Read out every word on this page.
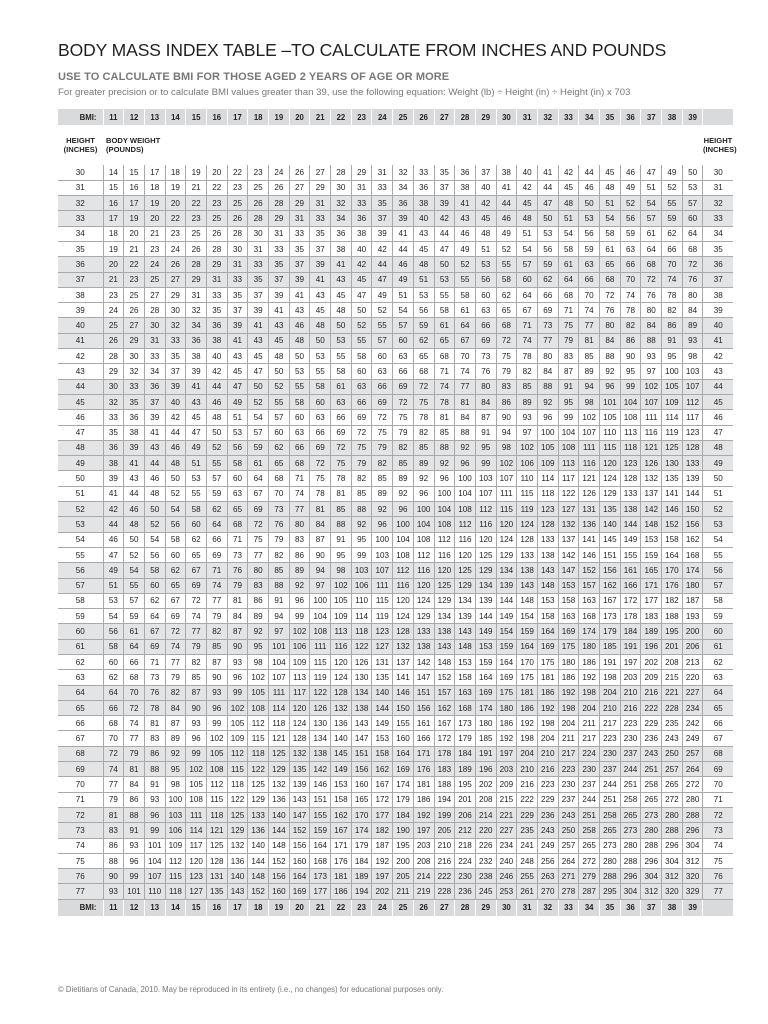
BODY MASS INDEX TABLE –TO CALCULATE FROM INCHES AND POUNDS
USE TO CALCULATE BMI FOR THOSE AGED 2 YEARS OF AGE OR MORE

For greater precision or to calculate BMI values greater than 39, use the following equation: Weight (lb) ÷ Height (in) ÷ Height (in) x 703

BMI:	11	12	13	14	15	16	17	18	19	20	21	22	23	24	25	26	27	28	29	30	31	32	33	34	35	36	37	38	39	
HEIGHT
(INCHES)	BODY WEIGHT
(POUNDS)																													HEIGHT
(INCHES)
30	14	15	17	18	19	20	22	23	24	26	27	28	29	31	32	33	35	36	37	38	40	41	42	44	45	46	47	49	50	30
31	15	16	18	19	21	22	23	25	26	27	29	30	31	33	34	36	37	38	40	41	42	44	45	46	48	49	51	52	53	31
32	16	17	19	20	22	23	25	26	28	29	31	32	33	35	36	38	39	41	42	44	45	47	48	50	51	52	54	55	57	32
33	17	19	20	22	23	25	26	28	29	31	33	34	36	37	39	40	42	43	45	46	48	50	51	53	54	56	57	59	60	33
34	18	20	21	23	25	26	28	30	31	33	35	36	38	39	41	43	44	46	48	49	51	53	54	56	58	59	61	62	64	34
35	19	21	23	24	26	28	30	31	33	35	37	38	40	42	44	45	47	49	51	52	54	56	58	59	61	63	64	66	68	35
36	20	22	24	26	28	29	31	33	35	37	39	41	42	44	46	48	50	52	53	55	57	59	61	63	65	66	68	70	72	36
37	21	23	25	27	29	31	33	35	37	39	41	43	45	47	49	51	53	55	56	58	60	62	64	66	68	70	72	74	76	37
38	23	25	27	29	31	33	35	37	39	41	43	45	47	49	51	53	55	58	60	62	64	66	68	70	72	74	76	78	80	38
39	24	26	28	30	32	35	37	39	41	43	45	48	50	52	54	56	58	61	63	65	67	69	71	74	76	78	80	82	84	39
40	25	27	30	32	34	36	39	41	43	46	48	50	52	55	57	59	61	64	66	68	71	73	75	77	80	82	84	86	89	40
41	26	29	31	33	36	38	41	43	45	48	50	53	55	57	60	62	65	67	69	72	74	77	79	81	84	86	88	91	93	41
42	28	30	33	35	38	40	43	45	48	50	53	55	58	60	63	65	68	70	73	75	78	80	83	85	88	90	93	95	98	42
43	29	32	34	37	39	42	45	47	50	53	55	58	60	63	66	68	71	74	76	79	82	84	87	89	92	95	97	100	103	43
44	30	33	36	39	41	44	47	50	52	55	58	61	63	66	69	72	74	77	80	83	85	88	91	94	96	99	102	105	107	44
45	32	35	37	40	43	46	49	52	55	58	60	63	66	69	72	75	78	81	84	86	89	92	95	98	101	104	107	109	112	45
46	33	36	39	42	45	48	51	54	57	60	63	66	69	72	75	78	81	84	87	90	93	96	99	102	105	108	111	114	117	46
47	35	38	41	44	47	50	53	57	60	63	66	69	72	75	79	82	85	88	91	94	97	100	104	107	110	113	116	119	123	47
48	36	39	43	46	49	52	56	59	62	66	69	72	75	79	82	85	88	92	95	98	102	105	108	111	115	118	121	125	128	48
49	38	41	44	48	51	55	58	61	65	68	72	75	79	82	85	89	92	96	99	102	106	109	113	116	120	123	126	130	133	49
50	39	43	46	50	53	57	60	64	68	71	75	78	82	85	89	92	96	100	103	107	110	114	117	121	124	128	132	135	139	50
51	41	44	48	52	55	59	63	67	70	74	78	81	85	89	92	96	100	104	107	111	115	118	122	126	129	133	137	141	144	51
52	42	46	50	54	58	62	65	69	73	77	81	85	88	92	96	100	104	108	112	115	119	123	127	131	135	138	142	146	150	52
53	44	48	52	56	60	64	68	72	76	80	84	88	92	96	100	104	108	112	116	120	124	128	132	136	140	144	148	152	156	53
54	46	50	54	58	62	66	71	75	79	83	87	91	95	100	104	108	112	116	120	124	128	133	137	141	145	149	153	158	162	54
55	47	52	56	60	65	69	73	77	82	86	90	95	99	103	108	112	116	120	125	129	133	138	142	146	151	155	159	164	168	55
56	49	54	58	62	67	71	76	80	85	89	94	98	103	107	112	116	120	125	129	134	138	143	147	152	156	161	165	170	174	56
57	51	55	60	65	69	74	79	83	88	92	97	102	106	111	116	120	125	129	134	139	143	148	153	157	162	166	171	176	180	57
58	53	57	62	67	72	77	81	86	91	96	100	105	110	115	120	124	129	134	139	144	148	153	158	163	167	172	177	182	187	58
59	54	59	64	69	74	79	84	89	94	99	104	109	114	119	124	129	134	139	144	149	154	158	163	168	173	178	183	188	193	59
60	56	61	67	72	77	82	87	92	97	102	108	113	118	123	128	133	138	143	149	154	159	164	169	174	179	184	189	195	200	60
61	58	64	69	74	79	85	90	95	101	106	111	116	122	127	132	138	143	148	153	159	164	169	175	180	185	191	196	201	206	61
62	60	66	71	77	82	87	93	98	104	109	115	120	126	131	137	142	148	153	159	164	170	175	180	186	191	197	202	208	213	62
63	62	68	73	79	85	90	96	102	107	113	119	124	130	135	141	147	152	158	164	169	175	181	186	192	198	203	209	215	220	63
64	64	70	76	82	87	93	99	105	111	117	122	128	134	140	146	151	157	163	169	175	181	186	192	198	204	210	216	221	227	64
65	66	72	78	84	90	96	102	108	114	120	126	132	138	144	150	156	162	168	174	180	186	192	198	204	210	216	222	228	234	65
66	68	74	81	87	93	99	105	112	118	124	130	136	143	149	155	161	167	173	180	186	192	198	204	211	217	223	229	235	242	66
67	70	77	83	89	96	102	109	115	121	128	134	140	147	153	160	166	172	179	185	192	198	204	211	217	223	230	236	243	249	67
68	72	79	86	92	99	105	112	118	125	132	138	145	151	158	164	171	178	184	191	197	204	210	217	224	230	237	243	250	257	68
69	74	81	88	95	102	108	115	122	129	135	142	149	156	162	169	176	183	189	196	203	210	216	223	230	237	244	251	257	264	69
70	77	84	91	98	105	112	118	125	132	139	146	153	160	167	174	181	188	195	202	209	216	223	230	237	244	251	258	265	272	70
71	79	86	93	100	108	115	122	129	136	143	151	158	165	172	179	186	194	201	208	215	222	229	237	244	251	258	265	272	280	71
72	81	88	96	103	111	118	125	133	140	147	155	162	170	177	184	192	199	206	214	221	229	236	243	251	258	265	273	280	288	72
73	83	91	99	106	114	121	129	136	144	152	159	167	174	182	190	197	205	212	220	227	235	243	250	258	265	273	280	288	296	73
74	86	93	101	109	117	125	132	140	148	156	164	171	179	187	195	203	210	218	226	234	241	249	257	265	273	280	288	296	304	74
75	88	96	104	112	120	128	136	144	152	160	168	176	184	192	200	208	216	224	232	240	248	256	264	272	280	288	296	304	312	75
76	90	99	107	115	123	131	140	148	156	164	173	181	189	197	205	214	222	230	238	246	255	263	271	279	288	296	304	312	320	76
77	93	101	110	118	127	135	143	152	160	169	177	186	194	202	211	219	228	236	245	253	261	270	278	287	295	304	312	320	329	77
BMI:	11	12	13	14	15	16	17	18	19	20	21	22	23	24	25	26	27	28	29	30	31	32	33	34	35	36	37	38	39	

© Dietitians of Canada, 2010. May be reproduced in its entirety (i.e., no changes) for educational purposes only.
